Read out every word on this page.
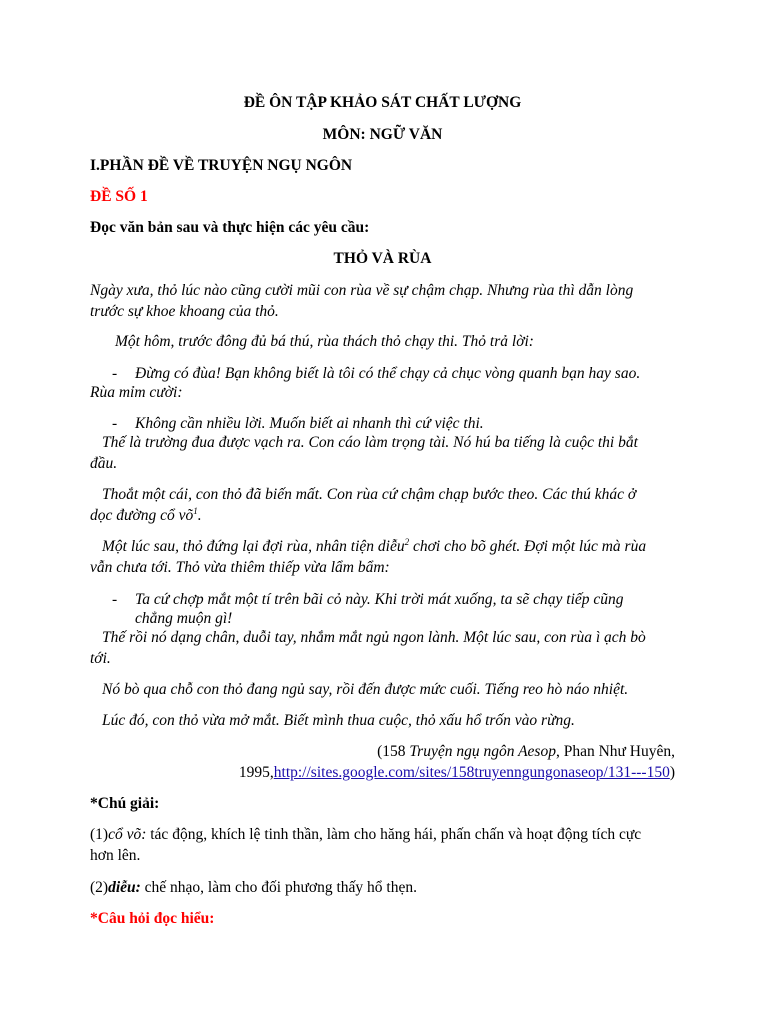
ĐỀ ÔN TẬP KHẢO SÁT CHẤT LƯỢNG
MÔN: NGỮ VĂN
I.PHẦN ĐỀ VỀ TRUYỆN NGỤ NGÔN
ĐỀ SỐ 1
Đọc văn bản sau và thực hiện các yêu cầu:
THỎ VÀ RÙA
Ngày xưa, thỏ lúc nào cũng cười mũi con rùa về sự chậm chạp. Nhưng rùa thì dẫn lòng
trước sự khoe khoang của thỏ.
Một hôm, trước đông đủ bá thú, rùa thách thỏ chạy thi. Thỏ trả lời:
- Đừng có đùa! Bạn không biết là tôi có thể chạy cả chục vòng quanh bạn hay sao.
Rùa mỉm cười:
- Không cần nhiều lời. Muốn biết ai nhanh thì cứ việc thi.
Thế là trường đua được vạch ra. Con cáo làm trọng tài. Nó hú ba tiếng là cuộc thi bắt
đầu.
Thoắt một cái, con thỏ đã biến mất. Con rùa cứ chậm chạp bước theo. Các thú khác ở
dọc đường cổ $võ^1$.
Một lúc sau, thỏ đứng lại đợi rùa, nhân tiện diễu$^2$ chơi cho bõ ghét. Đợi một lúc mà rùa
vẫn chưa tới. Thỏ vừa thiêm thiếp vừa lẩm bẩm:
- Ta cứ chợp mắt một tí trên bãi cỏ này. Khi trời mát xuống, ta sẽ chạy tiếp cũng
chẳng muộn gì!
Thế rồi nó dạng chân, duỗi tay, nhắm mắt ngủ ngon lành. Một lúc sau, con rùa ì ạch bò
tới.
Nó bò qua chỗ con thỏ đang ngủ say, rồi đến được mức cuối. Tiếng reo hò náo nhiệt.
Lúc đó, con thỏ vừa mở mắt. Biết mình thua cuộc, thỏ xấu hổ trốn vào rừng.
(158 Truyện ngụ ngôn Aesop, Phan Như Huyên,
1995,http://sites.google.com/sites/158truyenngungonaseop/131---150)
*Chú giải:
(1)cổ võ: tác động, khích lệ tinh thần, làm cho hăng hái, phấn chấn và hoạt động tích cực
hơn lên.
(2)diễu: chế nhạo, làm cho đối phương thấy hổ thẹn.
*Câu hỏi đọc hiểu:
